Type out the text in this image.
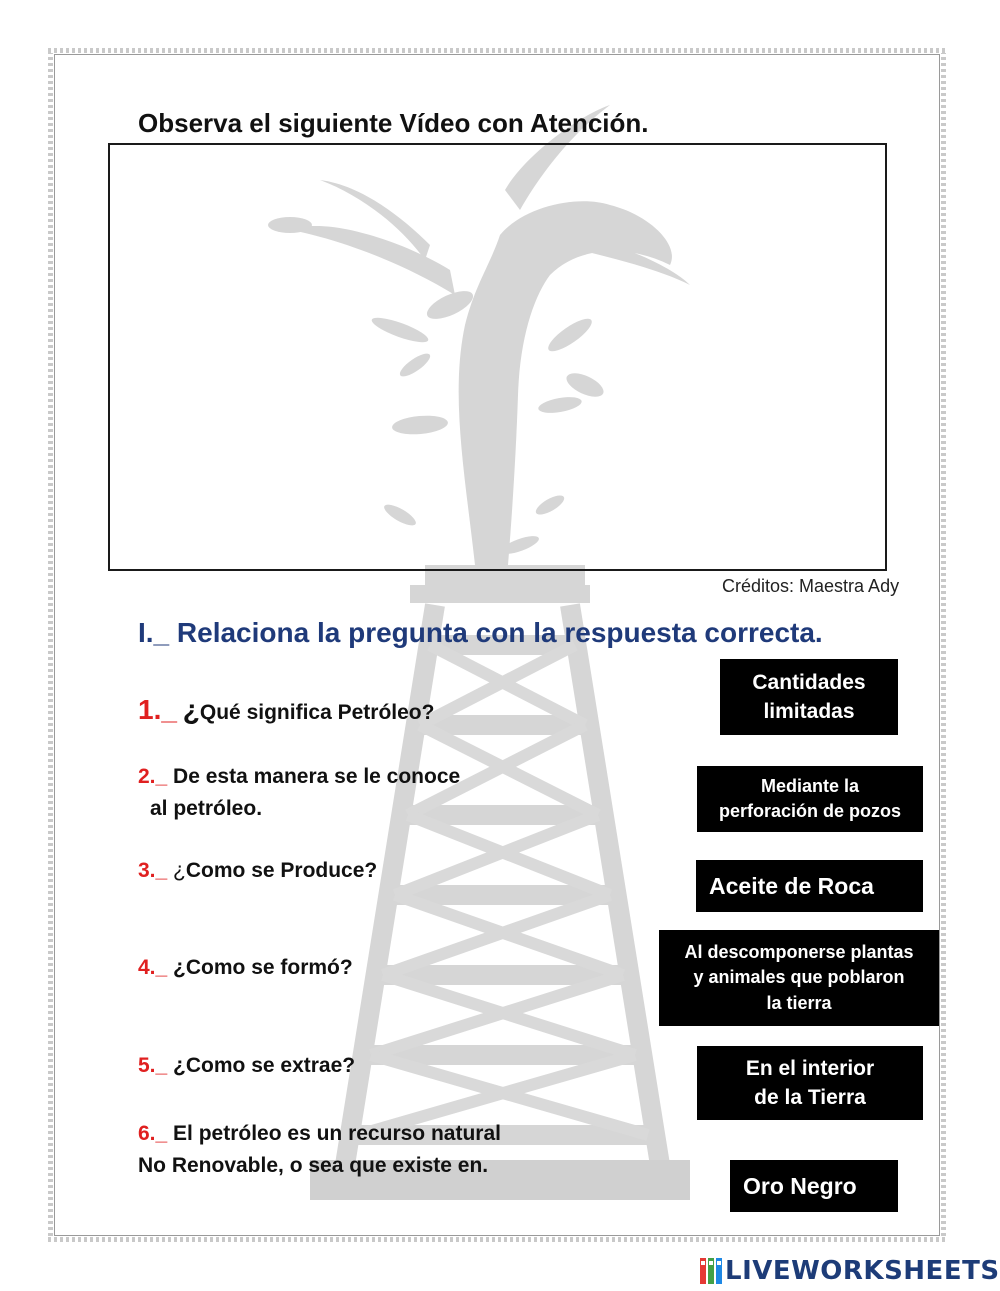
Observa el siguiente Vídeo con Atención.
Créditos: Maestra Ady
I._ Relaciona la pregunta con la respuesta correcta.
1._ ¿Qué significa Petróleo?
2._ De esta manera se le conoce
al petróleo.
3._ ¿Como se Produce?
4._ ¿Como se formó?
5._ ¿Como se extrae?
6._ El petróleo es un recurso natural
No Renovable, o sea que existe en.
Cantidades
limitadas
Mediante la
perforación de pozos
Aceite de Roca
Al descomponerse plantas
y animales que poblaron
la tierra
En el interior
de la Tierra
Oro Negro
LIVEWORKSHEETS
